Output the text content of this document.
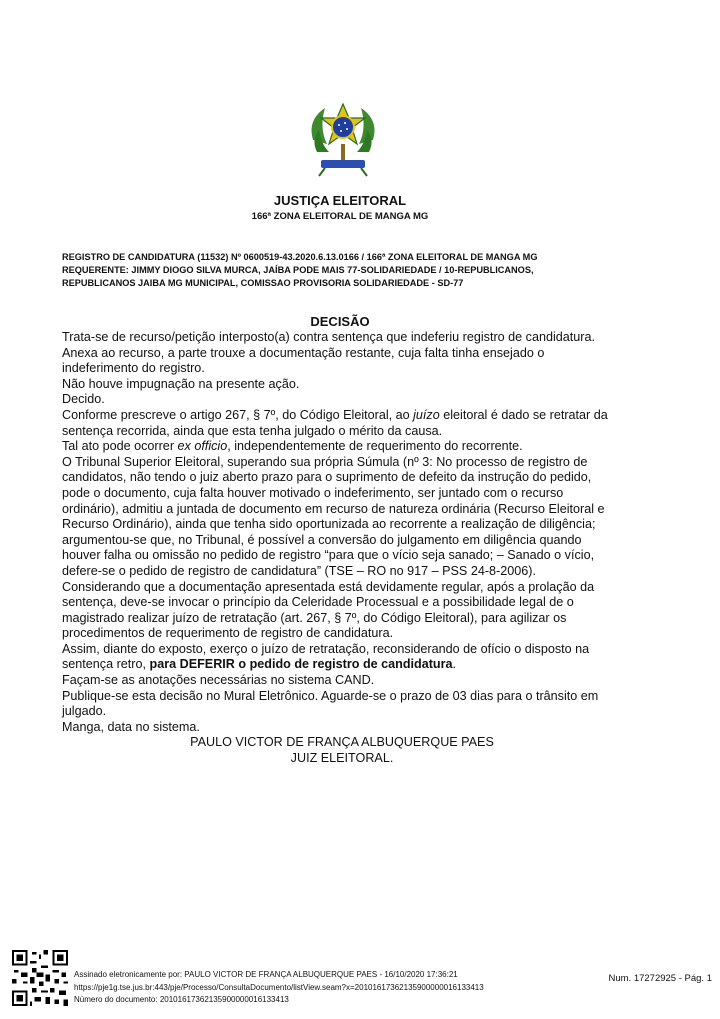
JUSTIÇA ELEITORAL
166ª ZONA ELEITORAL DE MANGA MG
REGISTRO DE CANDIDATURA (11532) Nº 0600519-43.2020.6.13.0166 / 166ª ZONA ELEITORAL DE MANGA MG
REQUERENTE: JIMMY DIOGO SILVA MURCA, JAÍBA PODE MAIS 77-SOLIDARIEDADE / 10-REPUBLICANOS,
REPUBLICANOS JAIBA MG MUNICIPAL, COMISSAO PROVISORIA SOLIDARIEDADE - SD-77
DECISÃO

Trata-se de recurso/petição interposto(a) contra sentença que indeferiu registro de candidatura.

Anexa ao recurso, a parte trouxe a documentação restante, cuja falta tinha ensejado o indeferimento do registro.

Não houve impugnação na presente ação.

Decido.

Conforme prescreve o artigo 267, § 7º, do Código Eleitoral, ao juízo eleitoral é dado se retratar da sentença recorrida, ainda que esta tenha julgado o mérito da causa.

Tal ato pode ocorrer ex officio, independentemente de requerimento do recorrente.

O Tribunal Superior Eleitoral, superando sua própria Súmula (nº 3: No processo de registro de candidatos, não tendo o juiz aberto prazo para o suprimento de defeito da instrução do pedido, pode o documento, cuja falta houver motivado o indeferimento, ser juntado com o recurso ordinário), admitiu a juntada de documento em recurso de natureza ordinária (Recurso Eleitoral e Recurso Ordinário), ainda que tenha sido oportunizada ao recorrente a realização de diligência; argumentou-se que, no Tribunal, é possível a conversão do julgamento em diligência quando houver falha ou omissão no pedido de registro “para que o vício seja sanado; – Sanado o vício, defere-se o pedido de registro de candidatura” (TSE – RO no 917 – PSS 24-8-2006).

Considerando que a documentação apresentada está devidamente regular, após a prolação da sentença, deve-se invocar o princípio da Celeridade Processual e a possibilidade legal de o magistrado realizar juízo de retratação (art. 267, § 7º, do Código Eleitoral), para agilizar os procedimentos de requerimento de registro de candidatura.

Assim, diante do exposto, exerço o juízo de retratação, reconsiderando de ofício o disposto na sentença retro, para DEFERIR o pedido de registro de candidatura.

Façam-se as anotações necessárias no sistema CAND.

Publique-se esta decisão no Mural Eletrônico. Aguarde-se o prazo de 03 dias para o trânsito em julgado.

Manga, data no sistema.

PAULO VICTOR DE FRANÇA ALBUQUERQUE PAES

JUIZ ELEITORAL.

Assinado eletronicamente por: PAULO VICTOR DE FRANÇA ALBUQUERQUE PAES - 16/10/2020 17:36:21
https://pje1g.tse.jus.br:443/pje/Processo/ConsultaDocumento/listView.seam?x=20101617362135900000016133413
Número do documento: 20101617362135900000016133413
Num. 17272925 - Pág. 1
